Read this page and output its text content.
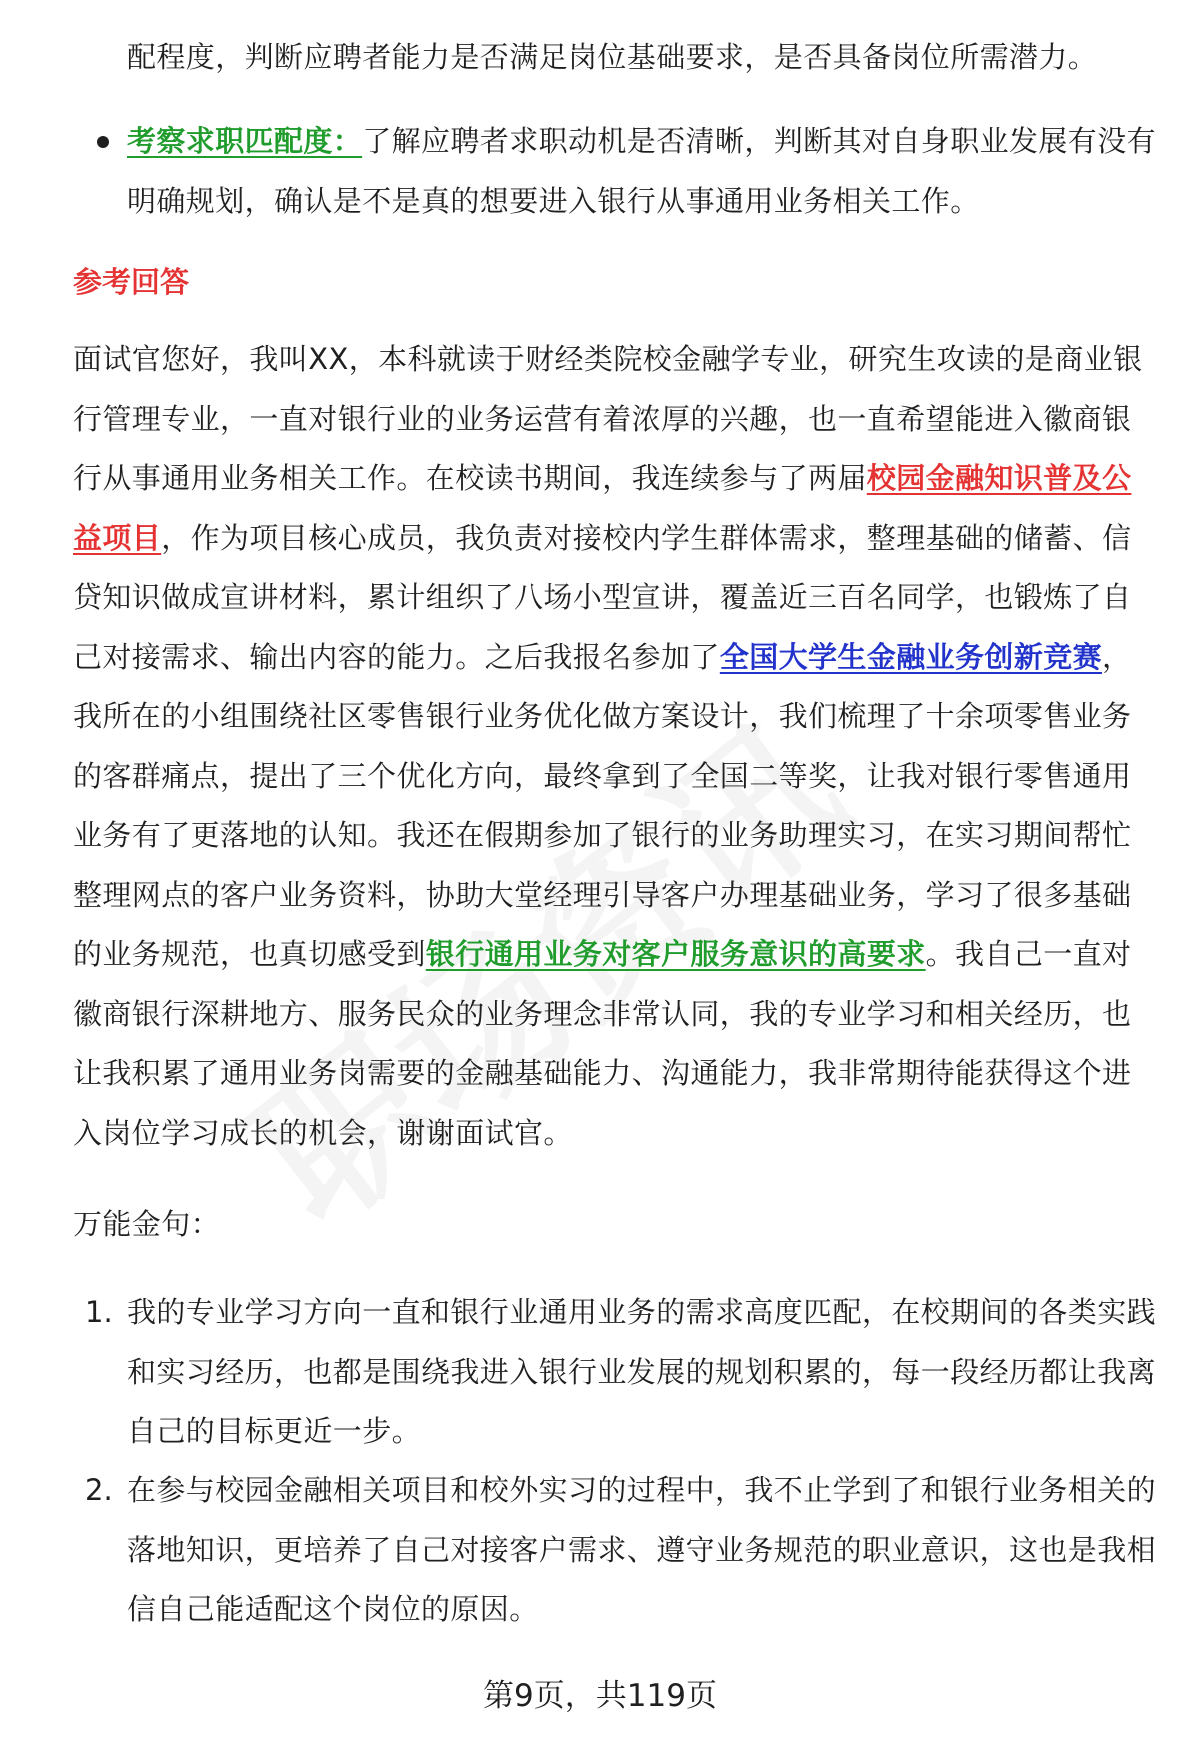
配程度，判断应聘者能力是否满足岗位基础要求，是否具备岗位所需潜力。

考察求职匹配度：了解应聘者求职动机是否清晰，判断其对自身职业发展有没有明确规划，确认是不是真的想要进入银行从事通用业务相关工作。

参考回答

面试官您好，我叫XX，本科就读于财经类院校金融学专业，研究生攻读的是商业银行管理专业，一直对银行业的业务运营有着浓厚的兴趣，也一直希望能进入徽商银行从事通用业务相关工作。在校读书期间，我连续参与了两届校园金融知识普及公益项目，作为项目核心成员，我负责对接校内学生群体需求，整理基础的储蓄、信贷知识做成宣讲材料，累计组织了八场小型宣讲，覆盖近三百名同学，也锻炼了自己对接需求、输出内容的能力。之后我报名参加了全国大学生金融业务创新竞赛，我所在的小组围绕社区零售银行业务优化做方案设计，我们梳理了十余项零售业务的客群痛点，提出了三个优化方向，最终拿到了全国二等奖，让我对银行零售通用业务有了更落地的认知。我还在假期参加了银行的业务助理实习，在实习期间帮忙整理网点的客户业务资料，协助大堂经理引导客户办理基础业务，学习了很多基础的业务规范，也真切感受到银行通用业务对客户服务意识的高要求。我自己一直对徽商银行深耕地方、服务民众的业务理念非常认同，我的专业学习和相关经历，也让我积累了通用业务岗需要的金融基础能力、沟通能力，我非常期待能获得这个进入岗位学习成长的机会，谢谢面试官。

万能金句：

1. 我的专业学习方向一直和银行业通用业务的需求高度匹配，在校期间的各类实践和实习经历，也都是围绕我进入银行业发展的规划积累的，每一段经历都让我离自己的目标更近一步。

2. 在参与校园金融相关项目和校外实习的过程中，我不止学到了和银行业务相关的落地知识，更培养了自己对接客户需求、遵守业务规范的职业意识，这也是我相信自己能适配这个岗位的原因。

第9页，共119页
